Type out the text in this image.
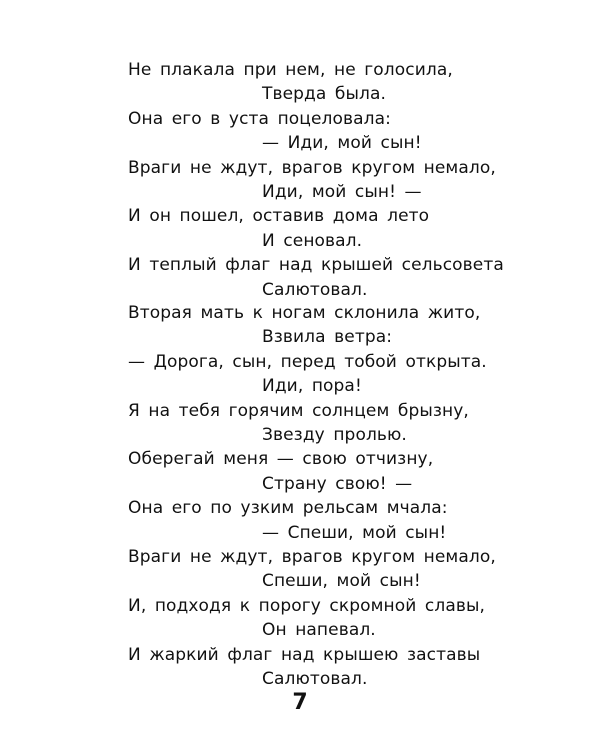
Не плакала при нем, не голосила,
Тверда была.
Она его в уста поцеловала:
— Иди, мой сын!
Враги не ждут, врагов кругом немало,
Иди, мой сын! —
И он пошел, оставив дома лето
И сеновал.
И теплый флаг над крышей сельсовета
Салютовал.
Вторая мать к ногам склонила жито,
Взвила ветра:
— Дорога, сын, перед тобой открыта.
Иди, пора!
Я на тебя горячим солнцем брызну,
Звезду пролью.
Оберегай меня — свою отчизну,
Страну свою! —
Она его по узким рельсам мчала:
— Спеши, мой сын!
Враги не ждут, врагов кругом немало,
Спеши, мой сын!
И, подходя к порогу скромной славы,
Он напевал.
И жаркий флаг над крышею заставы
Салютовал.
7
